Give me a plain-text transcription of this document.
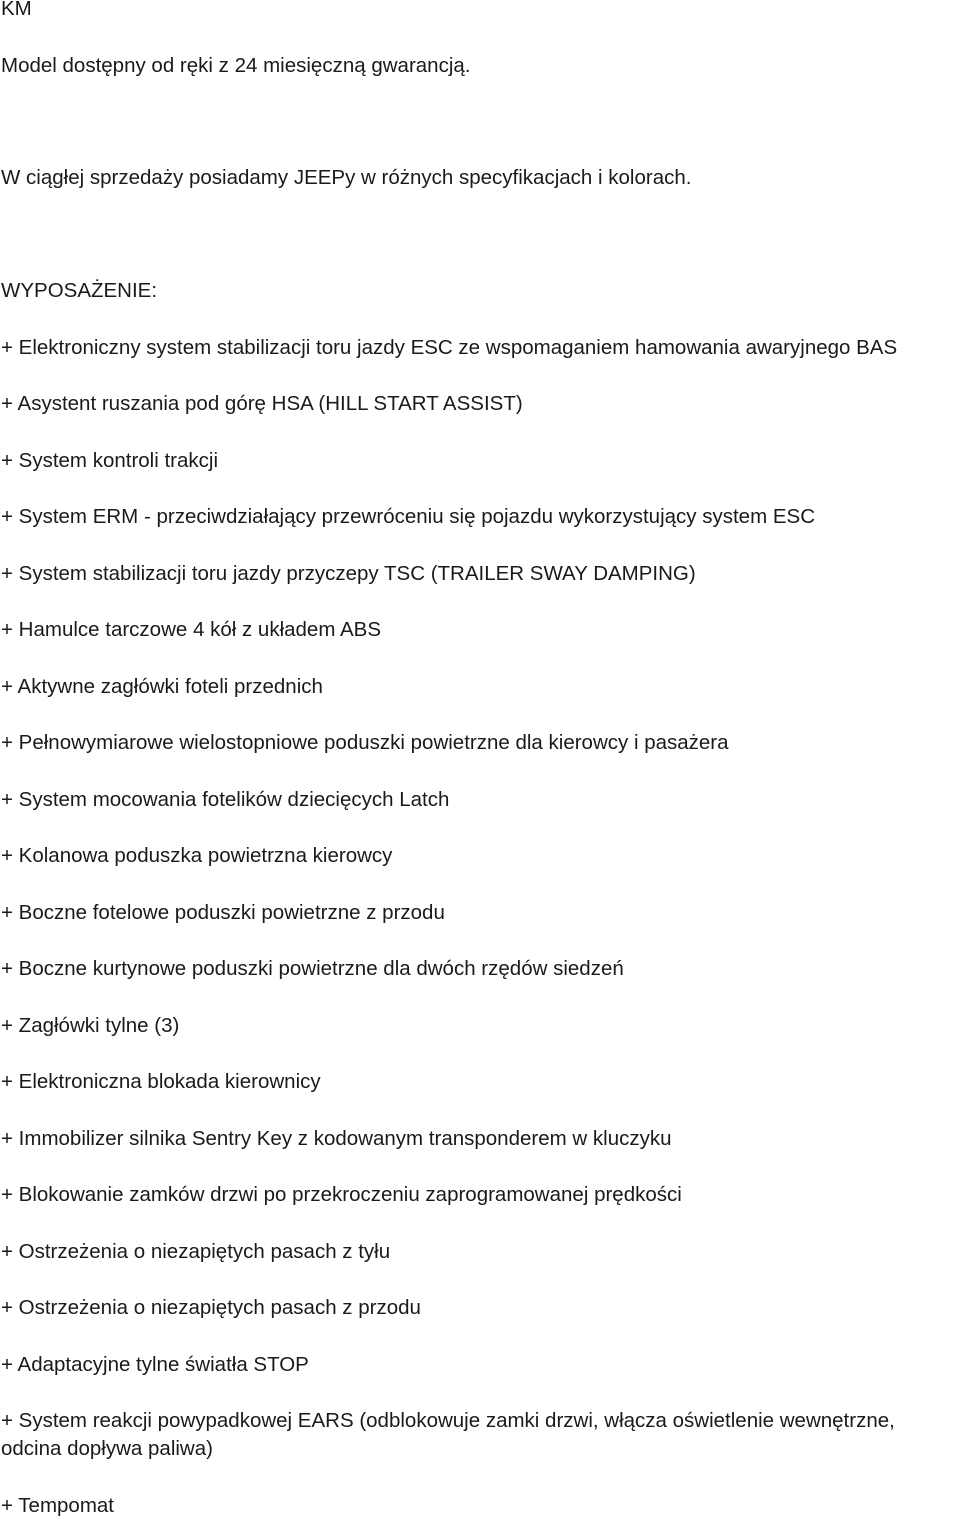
KM

Model dostępny od ręki z 24 miesięczną gwarancją.

W ciągłej sprzedaży posiadamy JEEPy w różnych specyfikacjach i kolorach.

WYPOSAŻENIE:

+ Elektroniczny system stabilizacji toru jazdy ESC ze wspomaganiem hamowania awaryjnego BAS

+ Asystent ruszania pod górę HSA (HILL START ASSIST)

+ System kontroli trakcji

+ System ERM - przeciwdziałający przewróceniu się pojazdu wykorzystujący system ESC

+ System stabilizacji toru jazdy przyczepy TSC (TRAILER SWAY DAMPING)

+ Hamulce tarczowe 4 kół z układem ABS

+ Aktywne zagłówki foteli przednich

+ Pełnowymiarowe wielostopniowe poduszki powietrzne dla kierowcy i pasażera

+ System mocowania fotelików dziecięcych Latch

+ Kolanowa poduszka powietrzna kierowcy

+ Boczne fotelowe poduszki powietrzne z przodu

+ Boczne kurtynowe poduszki powietrzne dla dwóch rzędów siedzeń

+ Zagłówki tylne (3)

+ Elektroniczna blokada kierownicy

+ Immobilizer silnika Sentry Key z kodowanym transponderem w kluczyku

+ Blokowanie zamków drzwi po przekroczeniu zaprogramowanej prędkości

+ Ostrzeżenia o niezapiętych pasach z tyłu

+ Ostrzeżenia o niezapiętych pasach z przodu

+ Adaptacyjne tylne światła STOP

+ System reakcji powypadkowej EARS (odblokowuje zamki drzwi, włącza oświetlenie wewnętrzne, odcina dopływa paliwa)

+ Tempomat
